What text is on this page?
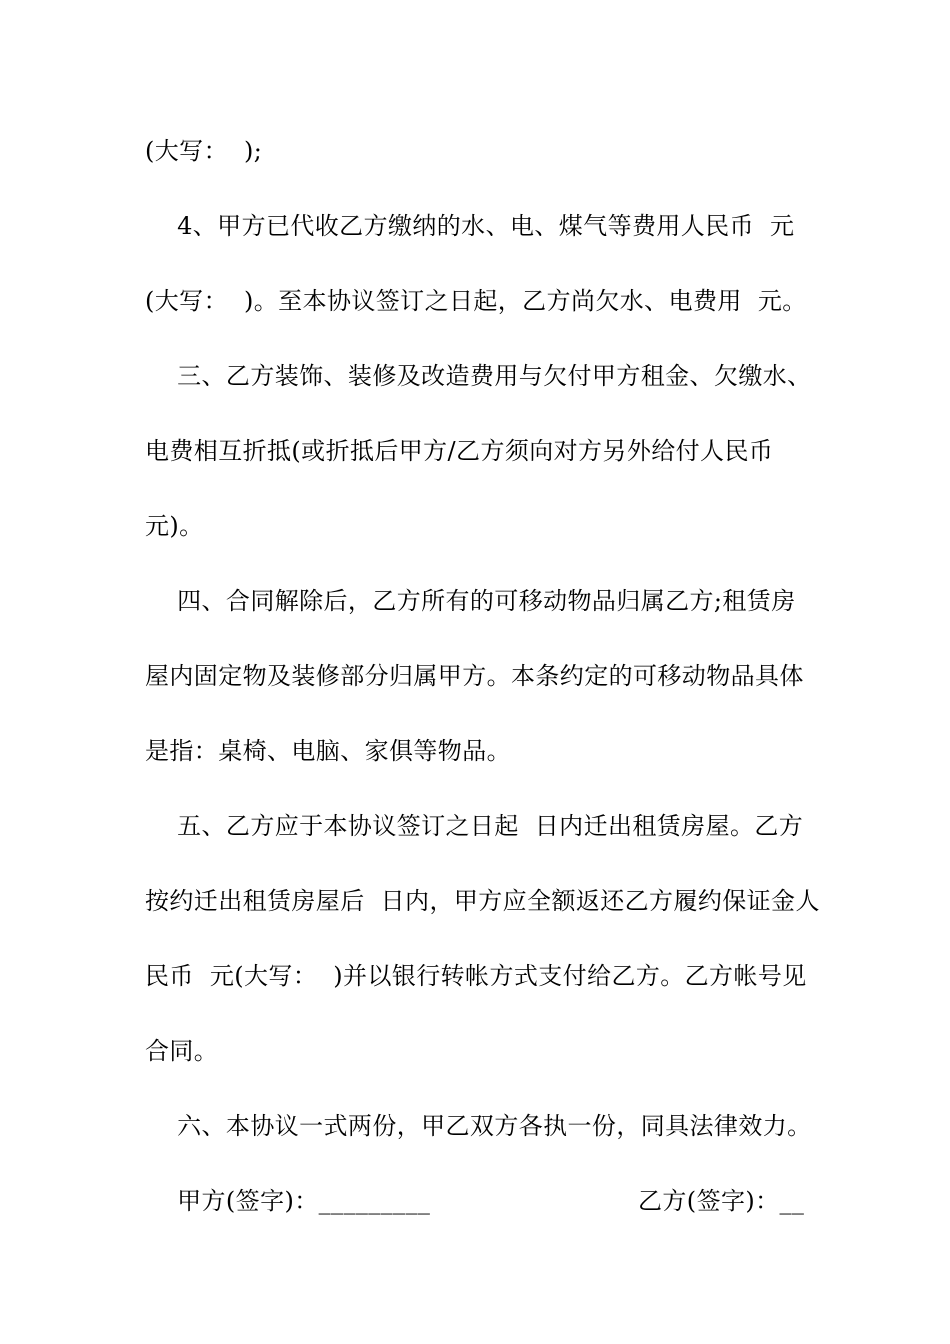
(大写：  );
4、甲方已代收乙方缴纳的水、电、煤气等费用人民币  元
(大写：  )。至本协议签订之日起，乙方尚欠水、电费用  元。
三、乙方装饰、装修及改造费用与欠付甲方租金、欠缴水、
电费相互折抵(或折抵后甲方/乙方须向对方另外给付人民币
元)。
四、合同解除后，乙方所有的可移动物品归属乙方;租赁房
屋内固定物及装修部分归属甲方。本条约定的可移动物品具体
是指：桌椅、电脑、家俱等物品。
五、乙方应于本协议签订之日起  日内迁出租赁房屋。乙方
按约迁出租赁房屋后  日内，甲方应全额返还乙方履约保证金人
民币  元(大写：  )并以银行转帐方式支付给乙方。乙方帐号见
合同。
六、本协议一式两份，甲乙双方各执一份，同具法律效力。
甲方(签字)：_________	乙方(签字)：__
